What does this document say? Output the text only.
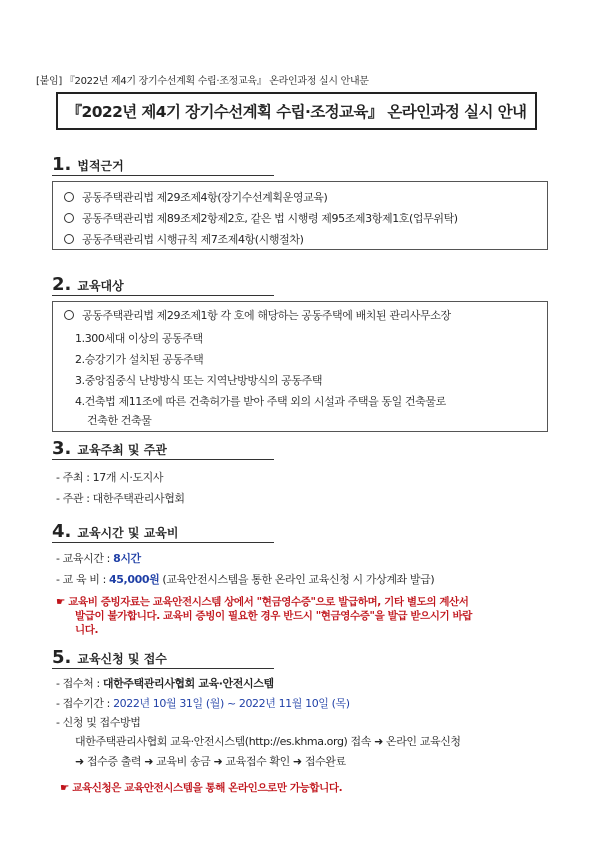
[붙임] 『2022년 제4기 장기수선계획 수립·조정교육』 온라인과정 실시 안내문
『2022년 제4기 장기수선계획 수립·조정교육』 온라인과정 실시 안내
1. 법적근거
공동주택관리법 제29조제4항(장기수선계획운영교육)
공동주택관리법 제89조제2항제2호, 같은 법 시행령 제95조제3항제1호(업무위탁)
공동주택관리법 시행규칙 제7조제4항(시행절차)
2. 교육대상
공동주택관리법 제29조제1항 각 호에 해당하는 공동주택에 배치된 관리사무소장
1.300세대 이상의 공동주택
2.승강기가 설치된 공동주택
3.중앙집중식 난방방식 또는 지역난방방식의 공동주택
4.건축법 제11조에 따른 건축허가를 받아 주택 외의 시설과 주택을 동일 건축물로
건축한 건축물
3. 교육주최 및 주관
- 주최 : 17개 시·도지사
- 주관 : 대한주택관리사협회
4. 교육시간 및 교육비
- 교육시간 : 8시간
- 교 육 비 : 45,000원 (교육안전시스템을 통한 온라인 교육신청 시 가상계좌 발급)
☛ 교육비 증빙자료는 교육안전시스템 상에서 "현금영수증"으로 발급하며, 기타 별도의 계산서
발급이 불가합니다. 교육비 증빙이 필요한 경우 반드시 "현금영수증"을 발급 받으시기 바랍
니다.
5. 교육신청 및 접수
- 접수처 : 대한주택관리사협회 교육·안전시스템
- 접수기간 : 2022년 10월 31일 (월) ~ 2022년 11월 10일 (목)
- 신청 및 접수방법
대한주택관리사협회 교육·안전시스템(http://es.khma.org) 접속 ➜ 온라인 교육신청
➜ 접수증 출력 ➜ 교육비 송금 ➜ 교육접수 확인 ➜ 접수완료
☛ 교육신청은 교육안전시스템을 통해 온라인으로만 가능합니다.
